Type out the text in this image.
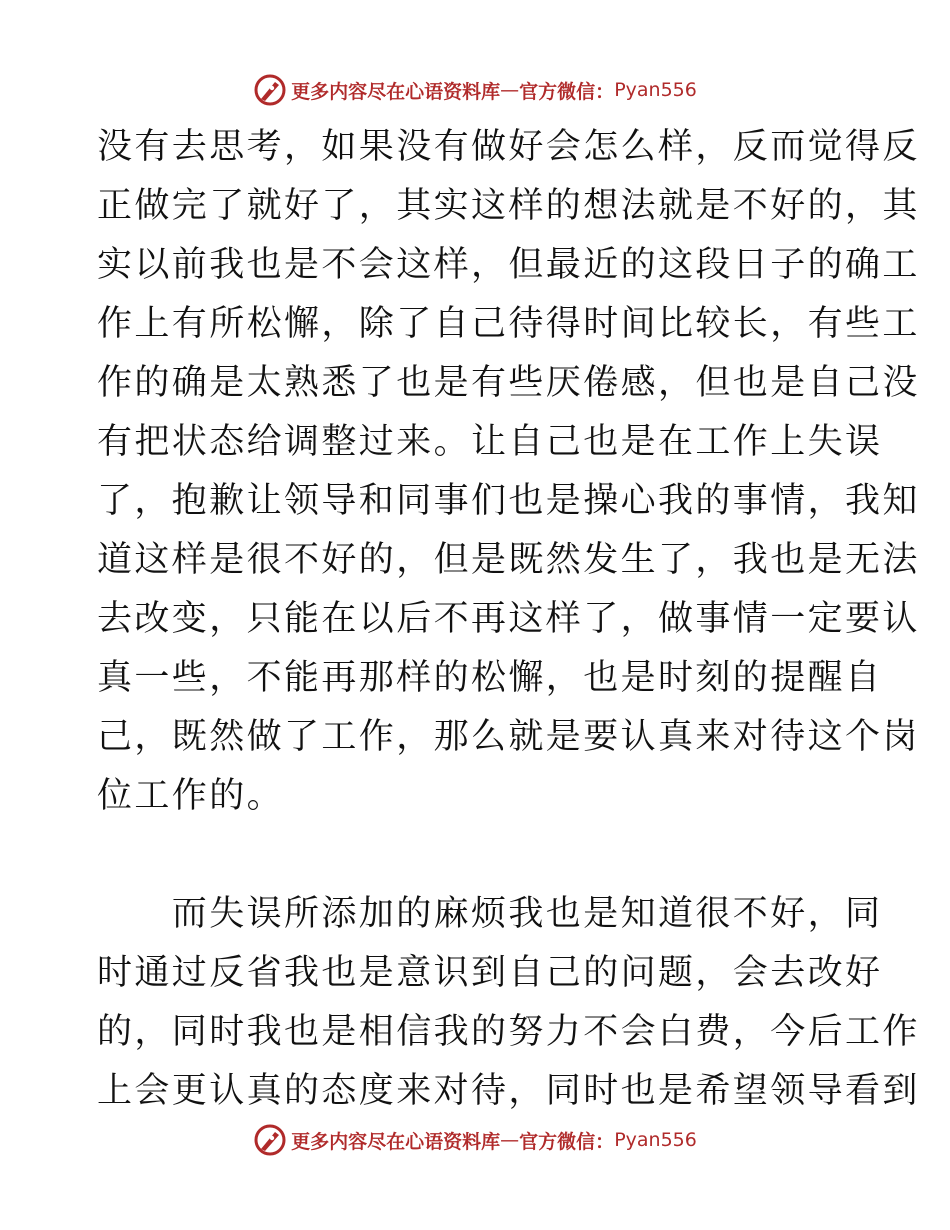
更多内容尽在心语资料库 — 官方微信： Pyan556
没有去思考，如果没有做好会怎么样，反而觉得反
正做完了就好了，其实这样的想法就是不好的，其
实以前我也是不会这样，但最近的这段日子的确工
作上有所松懈，除了自己待得时间比较长，有些工
作的确是太熟悉了也是有些厌倦感，但也是自己没
有把状态给调整过来。让自己也是在工作上失误
了，抱歉让领导和同事们也是操心我的事情，我知
道这样是很不好的，但是既然发生了，我也是无法
去改变，只能在以后不再这样了，做事情一定要认
真一些，不能再那样的松懈，也是时刻的提醒自
己，既然做了工作，那么就是要认真来对待这个岗
位工作的。
　　而失误所添加的麻烦我也是知道很不好，同
时通过反省我也是意识到自己的问题，会去改好
的，同时我也是相信我的努力不会白费，今后工作
上会更认真的态度来对待，同时也是希望领导看到
更多内容尽在心语资料库 — 官方微信： Pyan556
